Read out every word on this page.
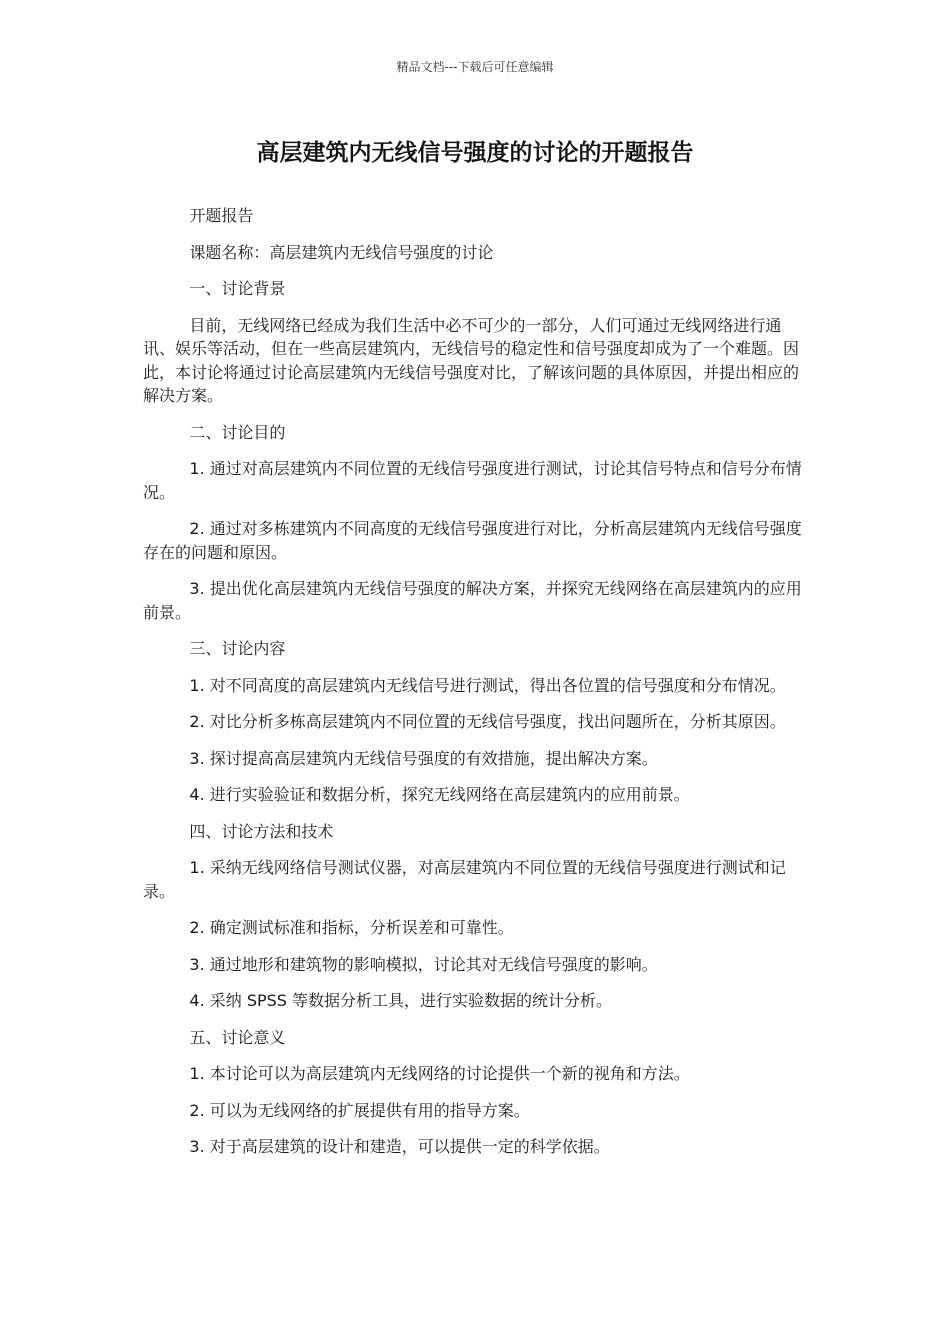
精品文档---下载后可任意编辑
高层建筑内无线信号强度的讨论的开题报告

开题报告

课题名称：高层建筑内无线信号强度的讨论

一、讨论背景

目前，无线网络已经成为我们生活中必不可少的一部分，人们可通过无线网络进行通讯、娱乐等活动，但在一些高层建筑内，无线信号的稳定性和信号强度却成为了一个难题。因此，本讨论将通过讨论高层建筑内无线信号强度对比，了解该问题的具体原因，并提出相应的解决方案。

二、讨论目的

1. 通过对高层建筑内不同位置的无线信号强度进行测试，讨论其信号特点和信号分布情况。

2. 通过对多栋建筑内不同高度的无线信号强度进行对比，分析高层建筑内无线信号强度存在的问题和原因。

3. 提出优化高层建筑内无线信号强度的解决方案，并探究无线网络在高层建筑内的应用前景。

三、讨论内容

1. 对不同高度的高层建筑内无线信号进行测试，得出各位置的信号强度和分布情况。

2. 对比分析多栋高层建筑内不同位置的无线信号强度，找出问题所在，分析其原因。

3. 探讨提高高层建筑内无线信号强度的有效措施，提出解决方案。

4. 进行实验验证和数据分析，探究无线网络在高层建筑内的应用前景。

四、讨论方法和技术

1. 采纳无线网络信号测试仪器，对高层建筑内不同位置的无线信号强度进行测试和记录。

2. 确定测试标准和指标，分析误差和可靠性。

3. 通过地形和建筑物的影响模拟，讨论其对无线信号强度的影响。

4. 采纳 SPSS 等数据分析工具，进行实验数据的统计分析。

五、讨论意义

1. 本讨论可以为高层建筑内无线网络的讨论提供一个新的视角和方法。

2. 可以为无线网络的扩展提供有用的指导方案。

3. 对于高层建筑的设计和建造，可以提供一定的科学依据。
